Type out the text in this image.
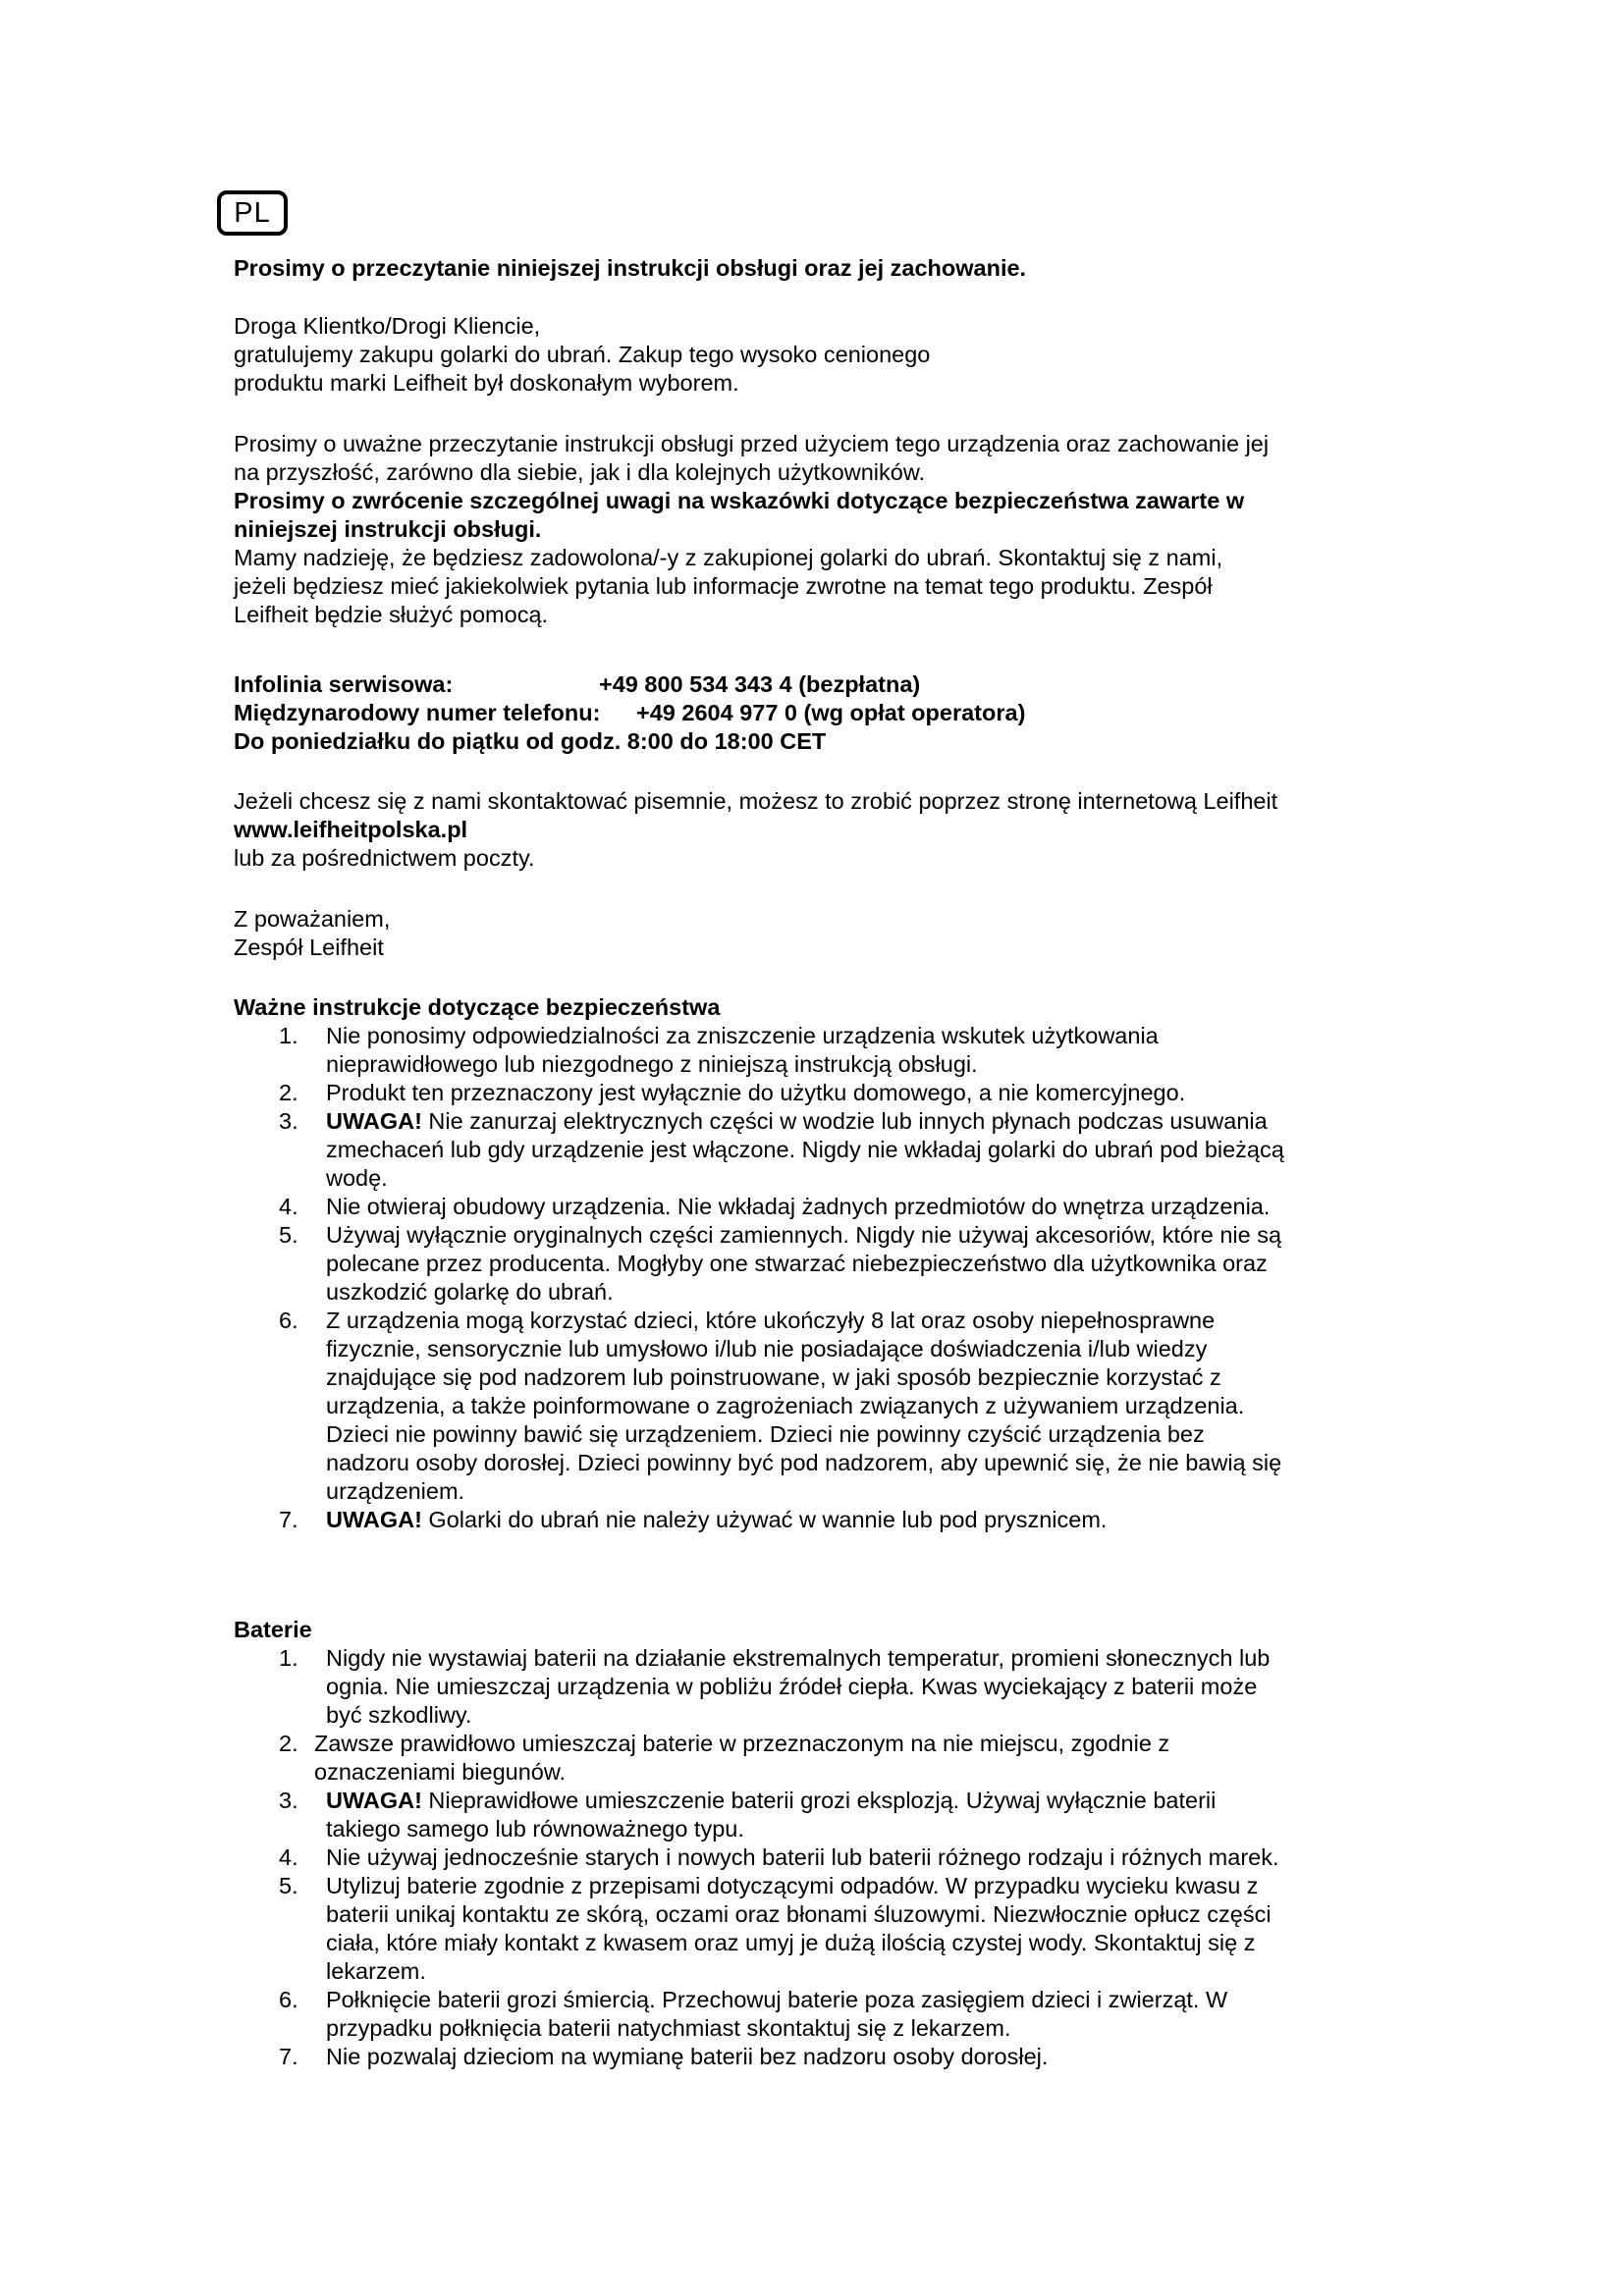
PL
Prosimy o przeczytanie niniejszej instrukcji obsługi oraz jej zachowanie.

Droga Klientko/Drogi Kliencie,

gratulujemy zakupu golarki do ubrań. Zakup tego wysoko cenionego

produktu marki Leifheit był doskonałym wyborem.

Prosimy o uważne przeczytanie instrukcji obsługi przed użyciem tego urządzenia oraz zachowanie jej

na przyszłość, zarówno dla siebie, jak i dla kolejnych użytkowników.

Prosimy o zwrócenie szczególnej uwagi na wskazówki dotyczące bezpieczeństwa zawarte w

niniejszej instrukcji obsługi.

Mamy nadzieję, że będziesz zadowolona/-y z zakupionej golarki do ubrań. Skontaktuj się z nami,

jeżeli będziesz mieć jakiekolwiek pytania lub informacje zwrotne na temat tego produktu. Zespół

Leifheit będzie służyć pomocą.

Infolinia serwisowa:	+49 800 534 343 4 (bezpłatna)
Międzynarodowy numer telefonu:	+49 2604 977 0 (wg opłat operatora)

Do poniedziałku do piątku od godz. 8:00 do 18:00 CET

Jeżeli chcesz się z nami skontaktować pisemnie, możesz to zrobić poprzez stronę internetową Leifheit

www.leifheitpolska.pl

lub za pośrednictwem poczty.

Z poważaniem,

Zespół Leifheit

Ważne instrukcje dotyczące bezpieczeństwa

1.	Nie ponosimy odpowiedzialności za zniszczenie urządzenia wskutek użytkowania
nieprawidłowego lub niezgodnego z niniejszą instrukcją obsługi.
2.	Produkt ten przeznaczony jest wyłącznie do użytku domowego, a nie komercyjnego.
3.	UWAGA! Nie zanurzaj elektrycznych części w wodzie lub innych płynach podczas usuwania
zmechaceń lub gdy urządzenie jest włączone. Nigdy nie wkładaj golarki do ubrań pod bieżącą
wodę.
4.	Nie otwieraj obudowy urządzenia. Nie wkładaj żadnych przedmiotów do wnętrza urządzenia.
5.	Używaj wyłącznie oryginalnych części zamiennych. Nigdy nie używaj akcesoriów, które nie są
polecane przez producenta. Mogłyby one stwarzać niebezpieczeństwo dla użytkownika oraz
uszkodzić golarkę do ubrań.
6.	Z urządzenia mogą korzystać dzieci, które ukończyły 8 lat oraz osoby niepełnosprawne
fizycznie, sensorycznie lub umysłowo i/lub nie posiadające doświadczenia i/lub wiedzy
znajdujące się pod nadzorem lub poinstruowane, w jaki sposób bezpiecznie korzystać z
urządzenia, a także poinformowane o zagrożeniach związanych z używaniem urządzenia.
Dzieci nie powinny bawić się urządzeniem. Dzieci nie powinny czyścić urządzenia bez
nadzoru osoby dorosłej. Dzieci powinny być pod nadzorem, aby upewnić się, że nie bawią się
urządzeniem.
7.	UWAGA! Golarki do ubrań nie należy używać w wannie lub pod prysznicem.

Baterie

1.	Nigdy nie wystawiaj baterii na działanie ekstremalnych temperatur, promieni słonecznych lub
ognia. Nie umieszczaj urządzenia w pobliżu źródeł ciepła. Kwas wyciekający z baterii może
być szkodliwy.
2. Zawsze prawidłowo umieszczaj baterie w przeznaczonym na nie miejscu, zgodnie z
oznaczeniami biegunów.
3.	UWAGA! Nieprawidłowe umieszczenie baterii grozi eksplozją. Używaj wyłącznie baterii
takiego samego lub równoważnego typu.
4.	Nie używaj jednocześnie starych i nowych baterii lub baterii różnego rodzaju i różnych marek.
5.	Utylizuj baterie zgodnie z przepisami dotyczącymi odpadów. W przypadku wycieku kwasu z
baterii unikaj kontaktu ze skórą, oczami oraz błonami śluzowymi. Niezwłocznie opłucz części
ciała, które miały kontakt z kwasem oraz umyj je dużą ilością czystej wody. Skontaktuj się z
lekarzem.
6.	Połknięcie baterii grozi śmiercią. Przechowuj baterie poza zasięgiem dzieci i zwierząt. W
przypadku połknięcia baterii natychmiast skontaktuj się z lekarzem.
7.	Nie pozwalaj dzieciom na wymianę baterii bez nadzoru osoby dorosłej.
